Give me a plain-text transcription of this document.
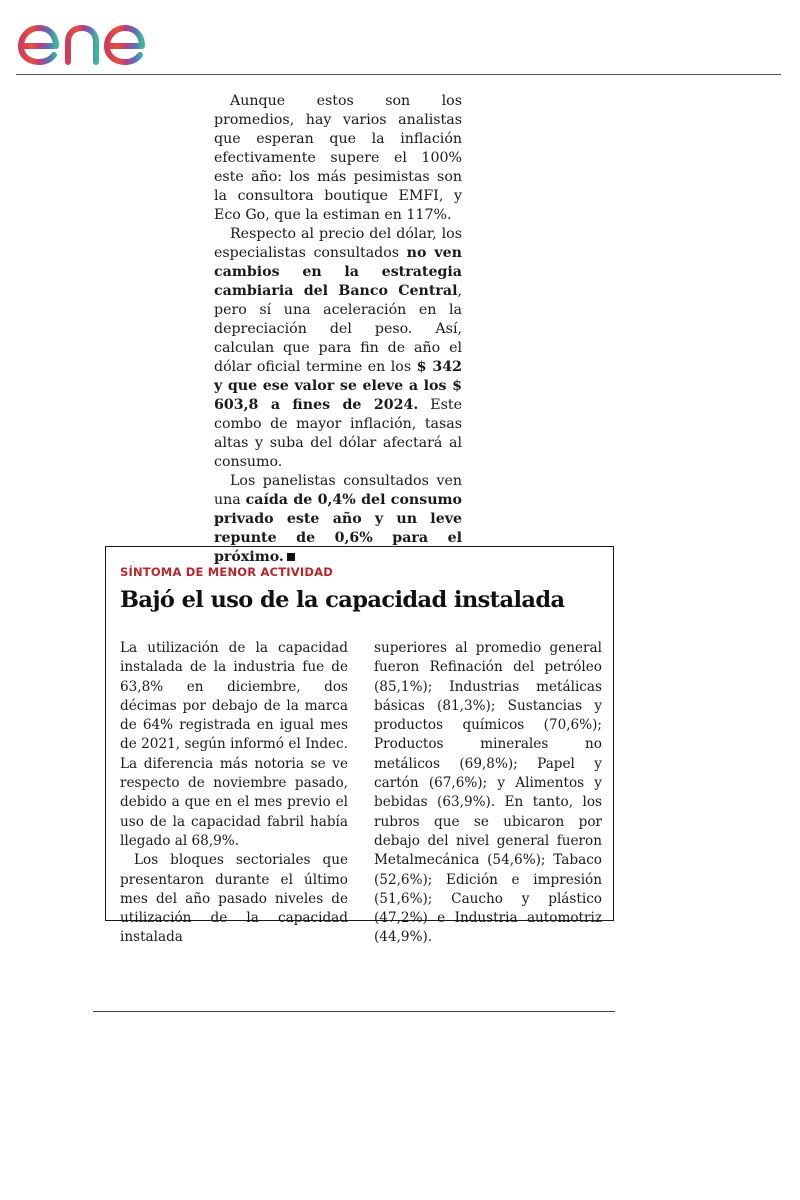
Aunque estos son los promedios, hay varios analistas que esperan que la inflación efectivamente supere el 100% este año: los más pesimistas son la consultora boutique EMFI, y Eco Go, que la estiman en 117%.

Respecto al precio del dólar, los especialistas consultados no ven cambios en la estrategia cambiaria del Banco Central, pero sí una aceleración en la depreciación del peso. Así, calculan que para fin de año el dólar oficial termine en los $ 342 y que ese valor se eleve a los $ 603,8 a fines de 2024. Este combo de mayor inflación, tasas altas y suba del dólar afectará al consumo.

Los panelistas consultados ven una caída de 0,4% del consumo privado este año y un leve repunte de 0,6% para el próximo.

SÍNTOMA DE MENOR ACTIVIDAD
Bajó el uso de la capacidad instalada

La utilización de la capacidad instalada de la industria fue de 63,8% en diciembre, dos décimas por debajo de la marca de 64% registrada en igual mes de 2021, según informó el Indec. La diferencia más notoria se ve respecto de noviembre pasado, debido a que en el mes previo el uso de la capacidad fabril había llegado al 68,9%.

Los bloques sectoriales que presentaron durante el último mes del año pasado niveles de utilización de la capacidad instalada

superiores al promedio general fueron Refinación del petróleo (85,1%); Industrias metálicas básicas (81,3%); Sustancias y productos químicos (70,6%); Productos minerales no metálicos (69,8%); Papel y cartón (67,6%); y Alimentos y bebidas (63,9%). En tanto, los rubros que se ubicaron por debajo del nivel general fueron Metalmecánica (54,6%); Tabaco (52,6%); Edición e impresión (51,6%); Caucho y plástico (47,2%) e Industria automotriz (44,9%).
